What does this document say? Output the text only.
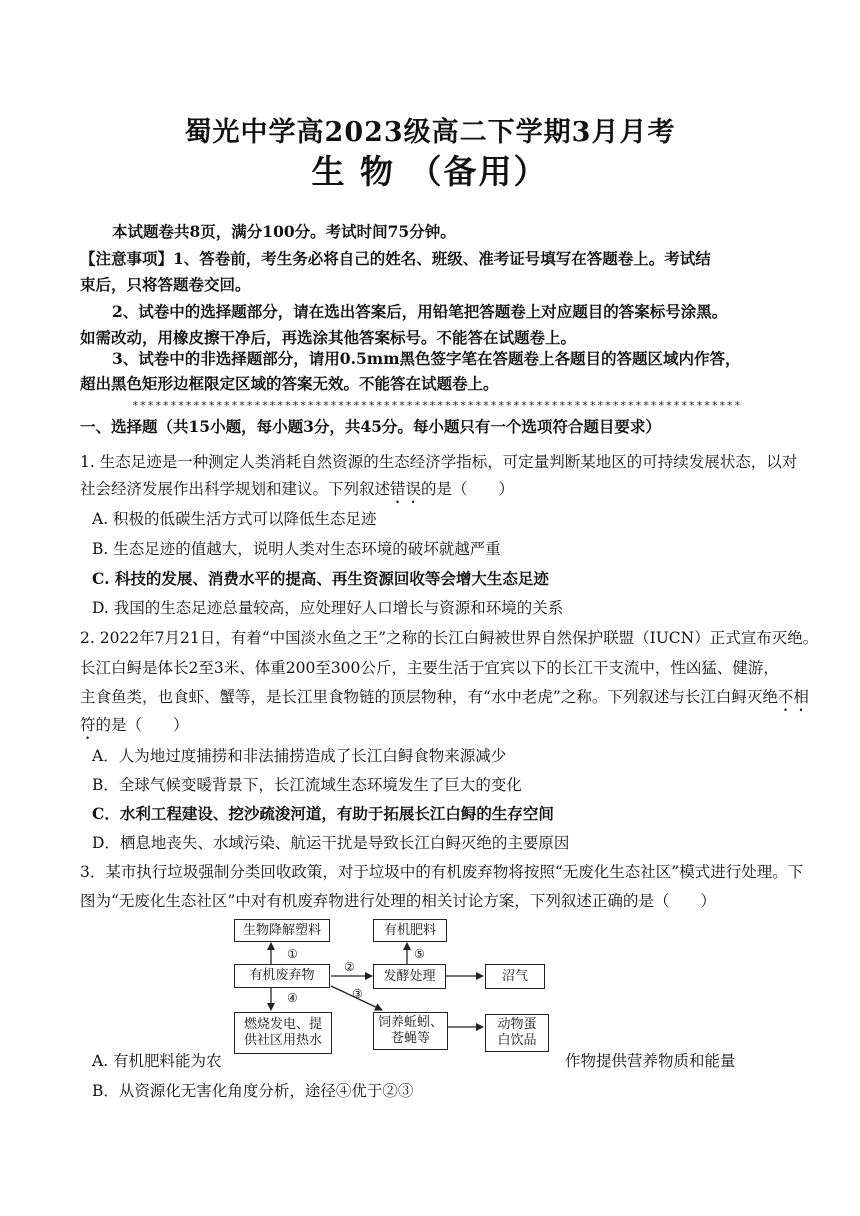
蜀光中学高2023级高二下学期3月月考
生 物 （备用）
本试题卷共8页，满分100分。考试时间75分钟。
【注意事项】1、答卷前，考生务必将自己的姓名、班级、准考证号填写在答题卷上。考试结
束后，只将答题卷交回。
2、试卷中的选择题部分，请在选出答案后，用铅笔把答题卷上对应题目的答案标号涂黑。
如需改动，用橡皮擦干净后，再选涂其他答案标号。不能答在试题卷上。
3、试卷中的非选择题部分，请用0.5mm黑色签字笔在答题卷上各题目的答题区域内作答，
超出黑色矩形边框限定区域的答案无效。不能答在试题卷上。
********************************************************************************
一、选择题（共15小题，每小题3分，共45分。每小题只有一个选项符合题目要求）
1. 生态足迹是一种测定人类消耗自然资源的生态经济学指标，可定量判断某地区的可持续发展状态，以对
社会经济发展作出科学规划和建议。下列叙述错误的是（　　）
A. 积极的低碳生活方式可以降低生态足迹
B. 生态足迹的值越大，说明人类对生态环境的破坏就越严重
C. 科技的发展、消费水平的提高、再生资源回收等会增大生态足迹
D. 我国的生态足迹总量较高，应处理好人口增长与资源和环境的关系
2. 2022年7月21日，有着“中国淡水鱼之王”之称的长江白鲟被世界自然保护联盟（IUCN）正式宣布灭绝。
长江白鲟是体长2至3米、体重200至300公斤，主要生活于宜宾以下的长江干支流中，性凶猛、健游，
主食鱼类，也食虾、蟹等，是长江里食物链的顶层物种，有“水中老虎”之称。下列叙述与长江白鲟灭绝不相
符的是（　　）
A．人为地过度捕捞和非法捕捞造成了长江白鲟食物来源减少
B．全球气候变暖背景下，长江流域生态环境发生了巨大的变化
C．水利工程建设、挖沙疏浚河道，有助于拓展长江白鲟的生存空间
D．栖息地丧失、水域污染、航运干扰是导致长江白鲟灭绝的主要原因
3．某市执行垃圾强制分类回收政策，对于垃圾中的有机废弃物将按照“无废化生态社区”模式进行处理。下
图为“无废化生态社区”中对有机废弃物进行处理的相关讨论方案，下列叙述正确的是（　　）
生物降解塑料
有机废弃物
有机肥料
发酵处理	沼气
燃烧发电、提
供社区用热水
饲养蚯蚓、
苍蝇等
动物蛋
白饮品
①
②
③
④
⑤
A. 有机肥料能为农	作物提供营养物质和能量
B．从资源化无害化角度分析，途径④优于②③
